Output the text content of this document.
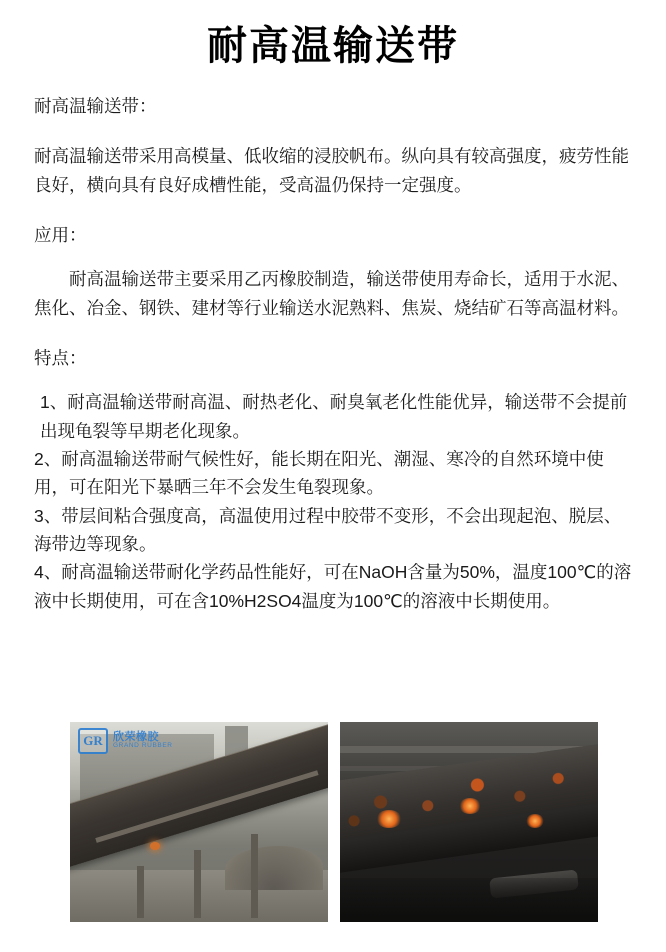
耐高温输送带
耐高温输送带：
耐高温输送带采用高模量、低收缩的浸胶帆布。纵向具有较高强度，疲劳性能良好，横向具有良好成槽性能，受高温仍保持一定强度。
应用：
耐高温输送带主要采用乙丙橡胶制造，输送带使用寿命长，适用于水泥、焦化、冶金、钢铁、建材等行业输送水泥熟料、焦炭、烧结矿石等高温材料。
特点：
1、耐高温输送带耐高温、耐热老化、耐臭氧老化性能优异，输送带不会提前出现龟裂等早期老化现象。
2、耐高温输送带耐气候性好，能长期在阳光、潮湿、寒冷的自然环境中使用，可在阳光下暴晒三年不会发生龟裂现象。
3、带层间粘合强度高，高温使用过程中胶带不变形，不会出现起泡、脱层、海带边等现象。
4、耐高温输送带耐化学药品性能好，可在NaOH含量为50%，温度100℃的溶液中长期使用，可在含10%H2SO4温度为100℃的溶液中长期使用。
GR 欣荣橡胶
GRAND RUBBER
